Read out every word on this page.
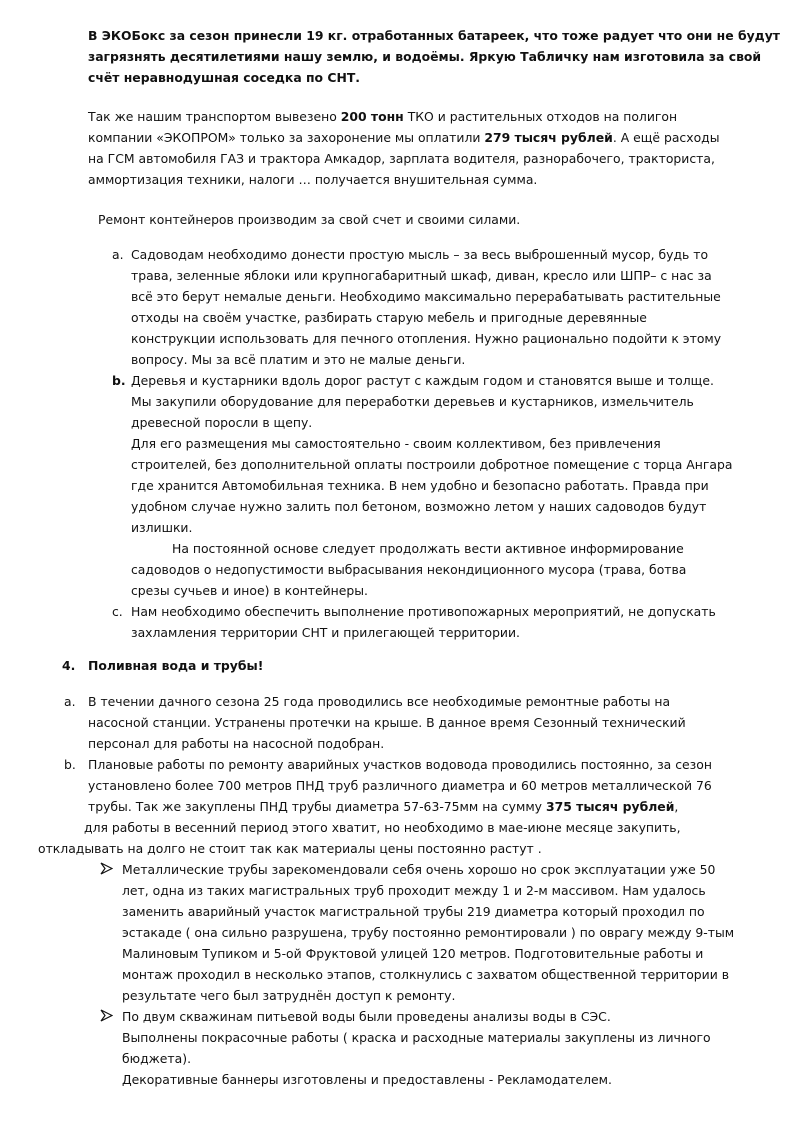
В ЭКОБокс за сезон принесли 19 кг. отработанных батареек, что тоже радует что они не будут
загрязнять десятилетиями нашу землю, и водоёмы. Яркую Табличку нам изготовила за свой
счёт неравнодушная соседка по СНТ.
Так же нашим транспортом вывезено 200 тонн ТКО и растительных отходов на полигон
компании «ЭКОПРОМ» только за захоронение мы оплатили 279 тысяч рублей. А ещё расходы
на ГСМ автомобиля ГАЗ и трактора Амкадор, зарплата водителя, разнорабочего, тракториста,
аммортизация техники, налоги … получается внушительная сумма.
Ремонт контейнеров производим за свой счет и своими силами.
a. Садоводам необходимо донести простую мысль – за весь выброшенный мусор, будь то
трава, зеленные яблоки или крупногабаритный шкаф, диван, кресло или ШПР– с нас за
всё это берут немалые деньги. Необходимо максимально перерабатывать растительные
отходы на своём участке, разбирать старую мебель и пригодные деревянные
конструкции использовать для печного отопления. Нужно рационально подойти к этому
вопросу. Мы за всё платим и это не малые деньги.
b. Деревья и кустарники вдоль дорог растут с каждым годом и становятся выше и толще.
Мы закупили оборудование для переработки деревьев и кустарников, измельчитель
древесной поросли в щепу.
Для его размещения мы самостоятельно - своим коллективом, без привлечения
строителей, без дополнительной оплаты построили добротное помещение с торца Ангара
где хранится Автомобильная техника. В нем удобно и безопасно работать. Правда при
удобном случае нужно залить пол бетоном, возможно летом у наших садоводов будут
излишки.
На постоянной основе следует продолжать вести активное информирование
садоводов о недопустимости выбрасывания некондиционного мусора (трава, ботва
срезы сучьев и иное) в контейнеры.
c. Нам необходимо обеспечить выполнение противопожарных мероприятий, не допускать
захламления территории СНТ и прилегающей территории.
4. Поливная вода и трубы!
a. В течении дачного сезона 25 года проводились все необходимые ремонтные работы на
насосной станции. Устранены протечки на крыше. В данное время Сезонный технический
персонал для работы на насосной подобран.
b. Плановые работы по ремонту аварийных участков водовода проводились постоянно, за сезон
установлено более 700 метров ПНД труб различного диаметра и 60 метров металлической 76
трубы. Так же закуплены ПНД трубы диаметра 57-63-75мм на сумму 375 тысяч рублей,
для работы в весенний период этого хватит, но необходимо в мае-июне месяце закупить,
откладывать на долго не стоит так как материалы цены постоянно растут .
Металлические трубы зарекомендовали себя очень хорошо но срок эксплуатации уже 50
лет, одна из таких магистральных труб проходит между 1 и 2-м массивом. Нам удалось
заменить аварийный участок магистральной трубы 219 диаметра который проходил по
эстакаде ( она сильно разрушена, трубу постоянно ремонтировали ) по оврагу между 9-тым
Малиновым Тупиком и 5-ой Фруктовой улицей 120 метров. Подготовительные работы и
монтаж проходил в несколько этапов, столкнулись с захватом общественной территории в
результате чего был затруднён доступ к ремонту.
По двум скважинам питьевой воды были проведены анализы воды в СЭС.
Выполнены покрасочные работы ( краска и расходные материалы закуплены из личного
бюджета).
Декоративные баннеры изготовлены и предоставлены - Рекламодателем.
